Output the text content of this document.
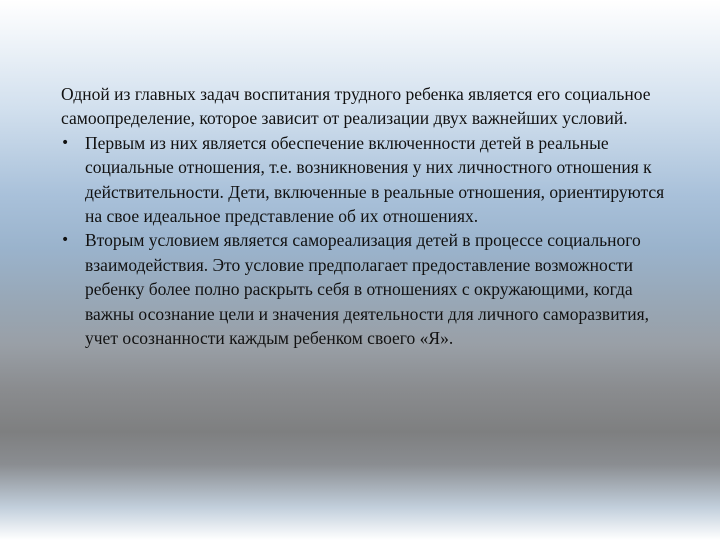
Одной из главных задач воспитания трудного ребенка является его социальное самоопределение, которое зависит от реализации двух важнейших условий.

• Первым из них является обеспечение включенности детей в реальные социальные отношения, т.е. возникновения у них личностного отношения к действительности. Дети, включенные в реальные отношения, ориентируются на свое идеальное представление об их отношениях.
• Вторым условием является самореализация детей в процессе социального взаимодействия. Это условие предполагает предоставление возможности ребенку более полно раскрыть себя в отношениях с окружающими, когда важны осознание цели и значения деятельности для личного саморазвития, учет осознанности каждым ребенком своего «Я».
